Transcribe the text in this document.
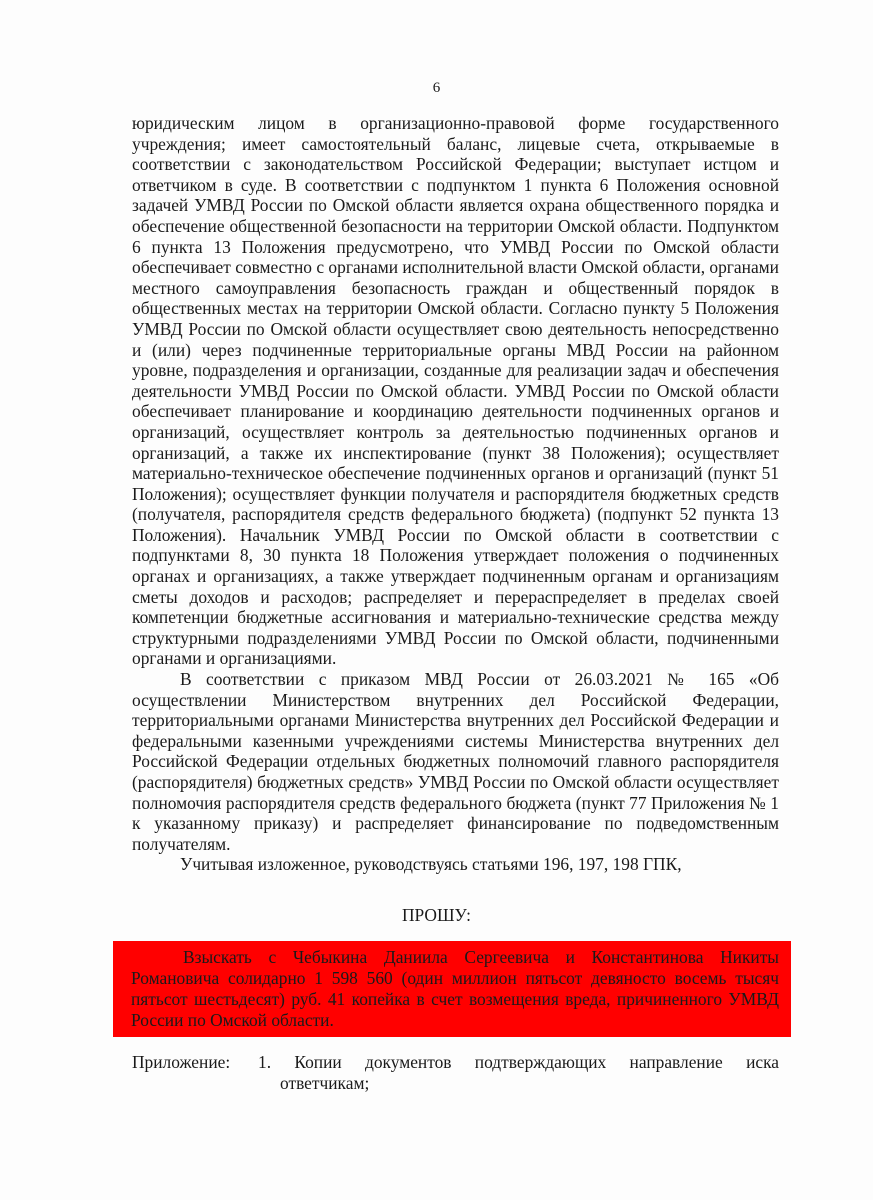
6

юридическим лицом в организационно-правовой форме государственного учреждения; имеет самостоятельный баланс, лицевые счета, открываемые в соответствии с законодательством Российской Федерации; выступает истцом и ответчиком в суде. В соответствии с подпунктом 1 пункта 6 Положения основной задачей УМВД России по Омской области является охрана общественного порядка и обеспечение общественной безопасности на территории Омской области. Подпунктом 6 пункта 13 Положения предусмотрено, что УМВД России по Омской области обеспечивает совместно с органами исполнительной власти Омской области, органами местного самоуправления безопасность граждан и общественный порядок в общественных местах на территории Омской области. Согласно пункту 5 Положения УМВД России по Омской области осуществляет свою деятельность непосредственно и (или) через подчиненные территориальные органы МВД России на районном уровне, подразделения и организации, созданные для реализации задач и обеспечения деятельности УМВД России по Омской области. УМВД России по Омской области обеспечивает планирование и координацию деятельности подчиненных органов и организаций, осуществляет контроль за деятельностью подчиненных органов и организаций, а также их инспектирование (пункт 38 Положения); осуществляет материально-техническое обеспечение подчиненных органов и организаций (пункт 51 Положения); осуществляет функции получателя и распорядителя бюджетных средств (получателя, распорядителя средств федерального бюджета) (подпункт 52 пункта 13 Положения). Начальник УМВД России по Омской области в соответствии с подпунктами 8, 30 пункта 18 Положения утверждает положения о подчиненных органах и организациях, а также утверждает подчиненным органам и организациям сметы доходов и расходов; распределяет и перераспределяет в пределах своей компетенции бюджетные ассигнования и материально-технические средства между структурными подразделениями УМВД России по Омской области, подчиненными органами и организациями.

В соответствии с приказом МВД России от 26.03.2021 № 165 «Об осуществлении Министерством внутренних дел Российской Федерации, территориальными органами Министерства внутренних дел Российской Федерации и федеральными казенными учреждениями системы Министерства внутренних дел Российской Федерации отдельных бюджетных полномочий главного распорядителя (распорядителя) бюджетных средств» УМВД России по Омской области осуществляет полномочия распорядителя средств федерального бюджета (пункт 77 Приложения № 1 к указанному приказу) и распределяет финансирование по подведомственным получателям.

Учитывая изложенное, руководствуясь статьями 196, 197, 198 ГПК,

ПРОШУ:

Взыскать с Чебыкина Даниила Сергеевича и Константинова Никиты Романовича солидарно 1 598 560 (один миллион пятьсот девяносто восемь тысяч пятьсот шестьдесят) руб. 41 копейка в счет возмещения вреда, причиненного УМВД России по Омской области.

Приложение: 1. Копии документов подтверждающих направление иска

ответчикам;
